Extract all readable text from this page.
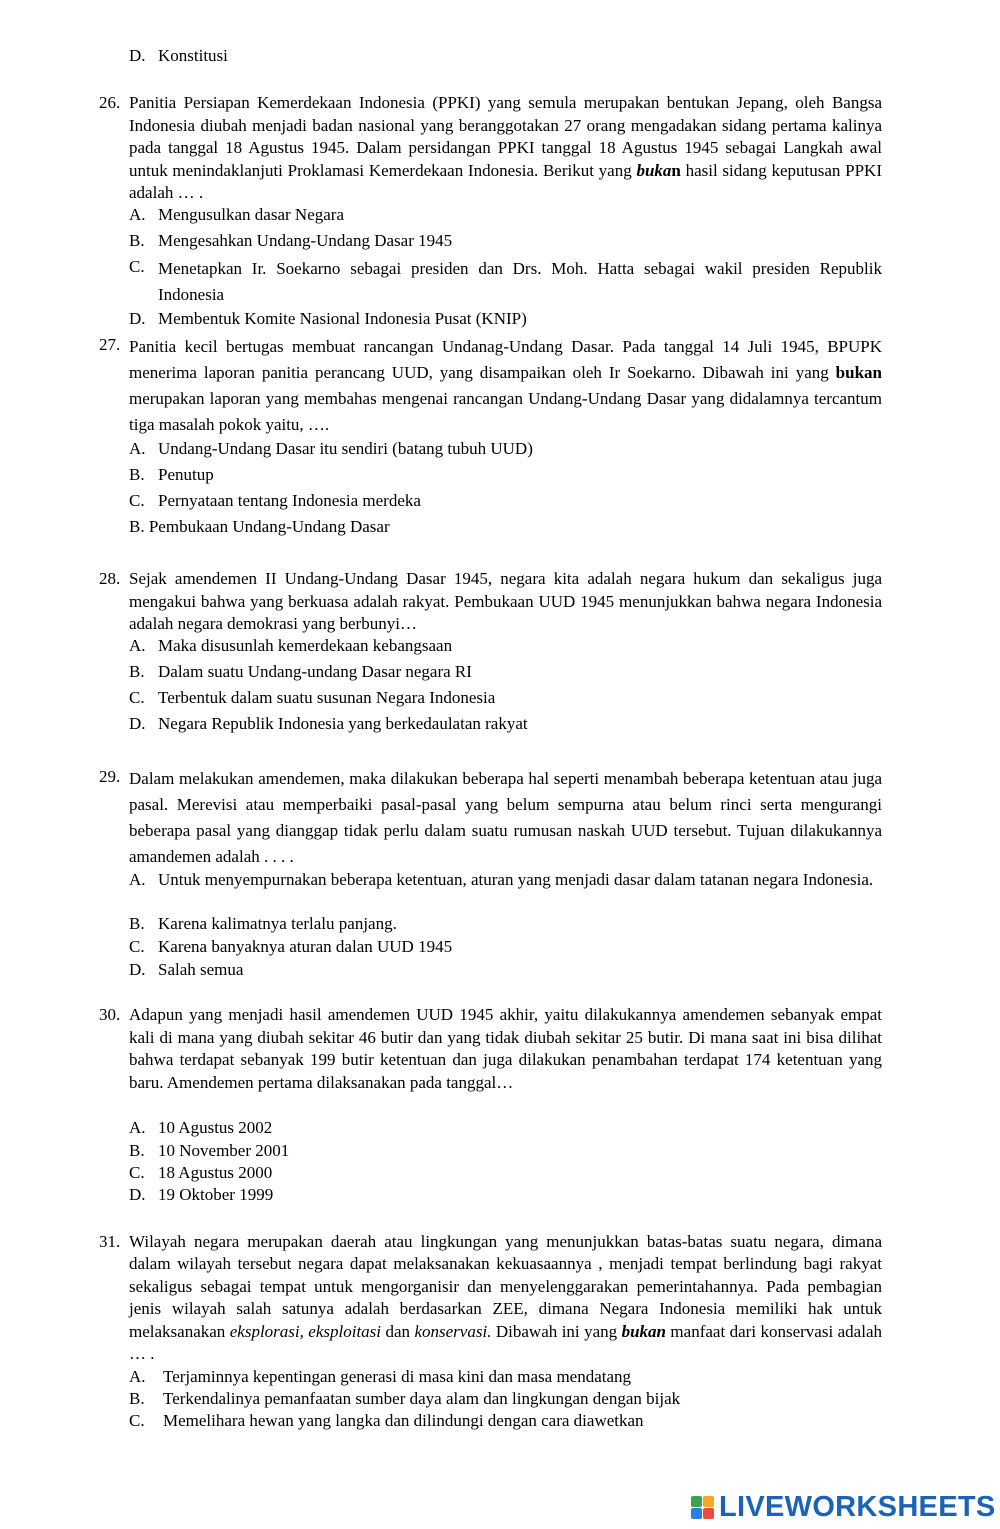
D. Konstitusi
26. Panitia Persiapan Kemerdekaan Indonesia (PPKI) yang semula merupakan bentukan Jepang, oleh Bangsa Indonesia diubah menjadi badan nasional yang beranggotakan 27 orang mengadakan sidang pertama kalinya pada tanggal 18 Agustus 1945. Dalam persidangan PPKI tanggal 18 Agustus 1945 sebagai Langkah awal untuk menindaklanjuti Proklamasi Kemerdekaan Indonesia. Berikut yang bukan hasil sidang keputusan PPKI adalah … .
A. Mengusulkan dasar Negara
B. Mengesahkan Undang-Undang Dasar 1945
C. Menetapkan Ir. Soekarno sebagai presiden dan Drs. Moh. Hatta sebagai wakil presiden Republik Indonesia
D. Membentuk Komite Nasional Indonesia Pusat (KNIP)
27. Panitia kecil bertugas membuat rancangan Undanag-Undang Dasar. Pada tanggal 14 Juli 1945, BPUPK menerima laporan panitia perancang UUD, yang disampaikan oleh Ir Soekarno. Dibawah ini yang bukan merupakan laporan yang membahas mengenai rancangan Undang-Undang Dasar yang didalamnya tercantum tiga masalah pokok yaitu, ….
A. Undang-Undang Dasar itu sendiri (batang tubuh UUD)
B. Penutup
C. Pernyataan tentang Indonesia merdeka
B. Pembukaan Undang-Undang Dasar
28. Sejak amendemen II Undang-Undang Dasar 1945, negara kita adalah negara hukum dan sekaligus juga mengakui bahwa yang berkuasa adalah rakyat. Pembukaan UUD 1945 menunjukkan bahwa negara Indonesia adalah negara demokrasi yang berbunyi…
A. Maka disusunlah kemerdekaan kebangsaan
B. Dalam suatu Undang-undang Dasar negara RI
C. Terbentuk dalam suatu susunan Negara Indonesia
D. Negara Republik Indonesia yang berkedaulatan rakyat
29. Dalam melakukan amendemen, maka dilakukan beberapa hal seperti menambah beberapa ketentuan atau juga pasal. Merevisi atau memperbaiki pasal-pasal yang belum sempurna atau belum rinci serta mengurangi beberapa pasal yang dianggap tidak perlu dalam suatu rumusan naskah UUD tersebut. Tujuan dilakukannya amandemen adalah . . . .
A. Untuk menyempurnakan beberapa ketentuan, aturan yang menjadi dasar dalam tatanan negara Indonesia.
B. Karena kalimatnya terlalu panjang.
C. Karena banyaknya aturan dalan UUD 1945
D. Salah semua
30. Adapun yang menjadi hasil amendemen UUD 1945 akhir, yaitu dilakukannya amendemen sebanyak empat kali di mana yang diubah sekitar 46 butir dan yang tidak diubah sekitar 25 butir. Di mana saat ini bisa dilihat bahwa terdapat sebanyak 199 butir ketentuan dan juga dilakukan penambahan terdapat 174 ketentuan yang baru. Amendemen pertama dilaksanakan pada tanggal…
A. 10 Agustus 2002
B. 10 November 2001
C. 18 Agustus 2000
D. 19 Oktober 1999
31. Wilayah negara merupakan daerah atau lingkungan yang menunjukkan batas-batas suatu negara, dimana dalam wilayah tersebut negara dapat melaksanakan kekuasaannya , menjadi tempat berlindung bagi rakyat sekaligus sebagai tempat untuk mengorganisir dan menyelenggarakan pemerintahannya. Pada pembagian jenis wilayah salah satunya adalah berdasarkan ZEE, dimana Negara Indonesia memiliki hak untuk melaksanakan eksplorasi, eksploitasi dan konservasi. Dibawah ini yang bukan manfaat dari konservasi adalah … .
A. Terjaminnya kepentingan generasi di masa kini dan masa mendatang
B. Terkendalinya pemanfaatan sumber daya alam dan lingkungan dengan bijak
C. Memelihara hewan yang langka dan dilindungi dengan cara diawetkan
LIVEWORKSHEETS
